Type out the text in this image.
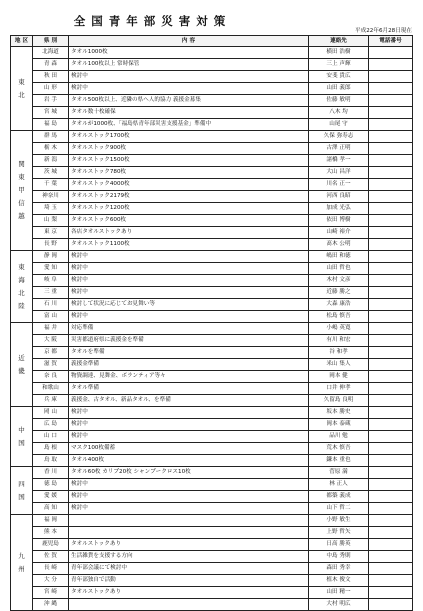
全 国 青 年 部 災 害 対 策
平成22年6月28日現在
地 区	県 別	内 容	連絡先	電話番号

東
北	北海道	タオル1000枚	横田 浩樹	
	青 森	タオル100枚以上 常時保管	三上 声輝	
	秋 田	検討中	安斐 貴広	
	山 形	検討中	山田 義郎	
	岩 手	タオル500枚以上、近隣の県へ人的協力 義援金募集	佐藤 敏明	
	宮 城	タオル数十枚確保	八木 均	
	福 島	タオルが1000枚、「福島県青年部災害支援基金」準備中	山尾 守	

関
東
甲
信
越	群 馬	タオルストック1700枚	久保 弥寿志	
	栃 木	タオルストック900枚	古澤 正明	
	新 潟	タオルストック1500枚	諸橋 孝一	
	茨 城	タオルストック780枚	大山 昌洋	
	千 葉	タオルストック4000枚	川名 正一	
	神奈川	タオルストック2179枚	河西 良昭	
	埼 玉	タオルストック1200枚	加成 光弘	
	山 梨	タオルストック600枚	依田 博樹	
	東 京	各店タオルストックあり	山崎 裕介	
	長 野	タオルストック1100枚	髙木 公明	

東
海
北
陸	静 岡	検討中	嶋田 和徳	
	愛 知	検討中	山田 哲也	
	岐 阜	検討中	木村 文彦	
	三 重	検討中	近藤 勝之	
	石 川	検討して状況に応じてお見舞い等	大森 康浩	
	富 山	検討中	松島 慎吾	

近
畿	福 井	対応準備	小嶋 英寛	
	大 阪	災害都道府県に義援金を準備	有川 和宏	
	京 都	タオルを準備	谷 和孝	
	滋 賀	義援金準備	米山 集人	
	奈 良	物資調達、見舞金、ボランティア等々	岡本 健	
	和歌山	タオル準備	口井 伸孝	
	兵 庫	義援金、古タオル、新品タオル、を準備	久留島 良明	

中
国	岡 山	検討中	坂本 勝史	
	広 島	検討中	岡本 泰蔵	
	山 口	検討中	品川 勉	
	島 根	マスク100枚備蓄	荒木 慎吾	
	鳥 取	タオル400枚	鎌本 重也	

四
国	香 川	タオル60枚 カリプ20枚 シャンプークロス10枚	菅原 満	
	徳 島	検討中	林 正人	
	愛 媛	検討中	都築 義成	
	高 知	検討中	山下 哲二	

九
州	福 岡		小野 敏生	
	熊 本		上野 哲矢	
	鹿児島	タオルストックあり	日高 勝英	
	佐 賀	生活雑貨を支援する方向	中島 秀則	
	長 崎	青年部会議にて検討中	森田 秀幸	
	大 分	青年部独自で活動	植木 俊文	
	宮 崎	タオルストックあり	山田 精一	
	沖 縄		大村 明広	
